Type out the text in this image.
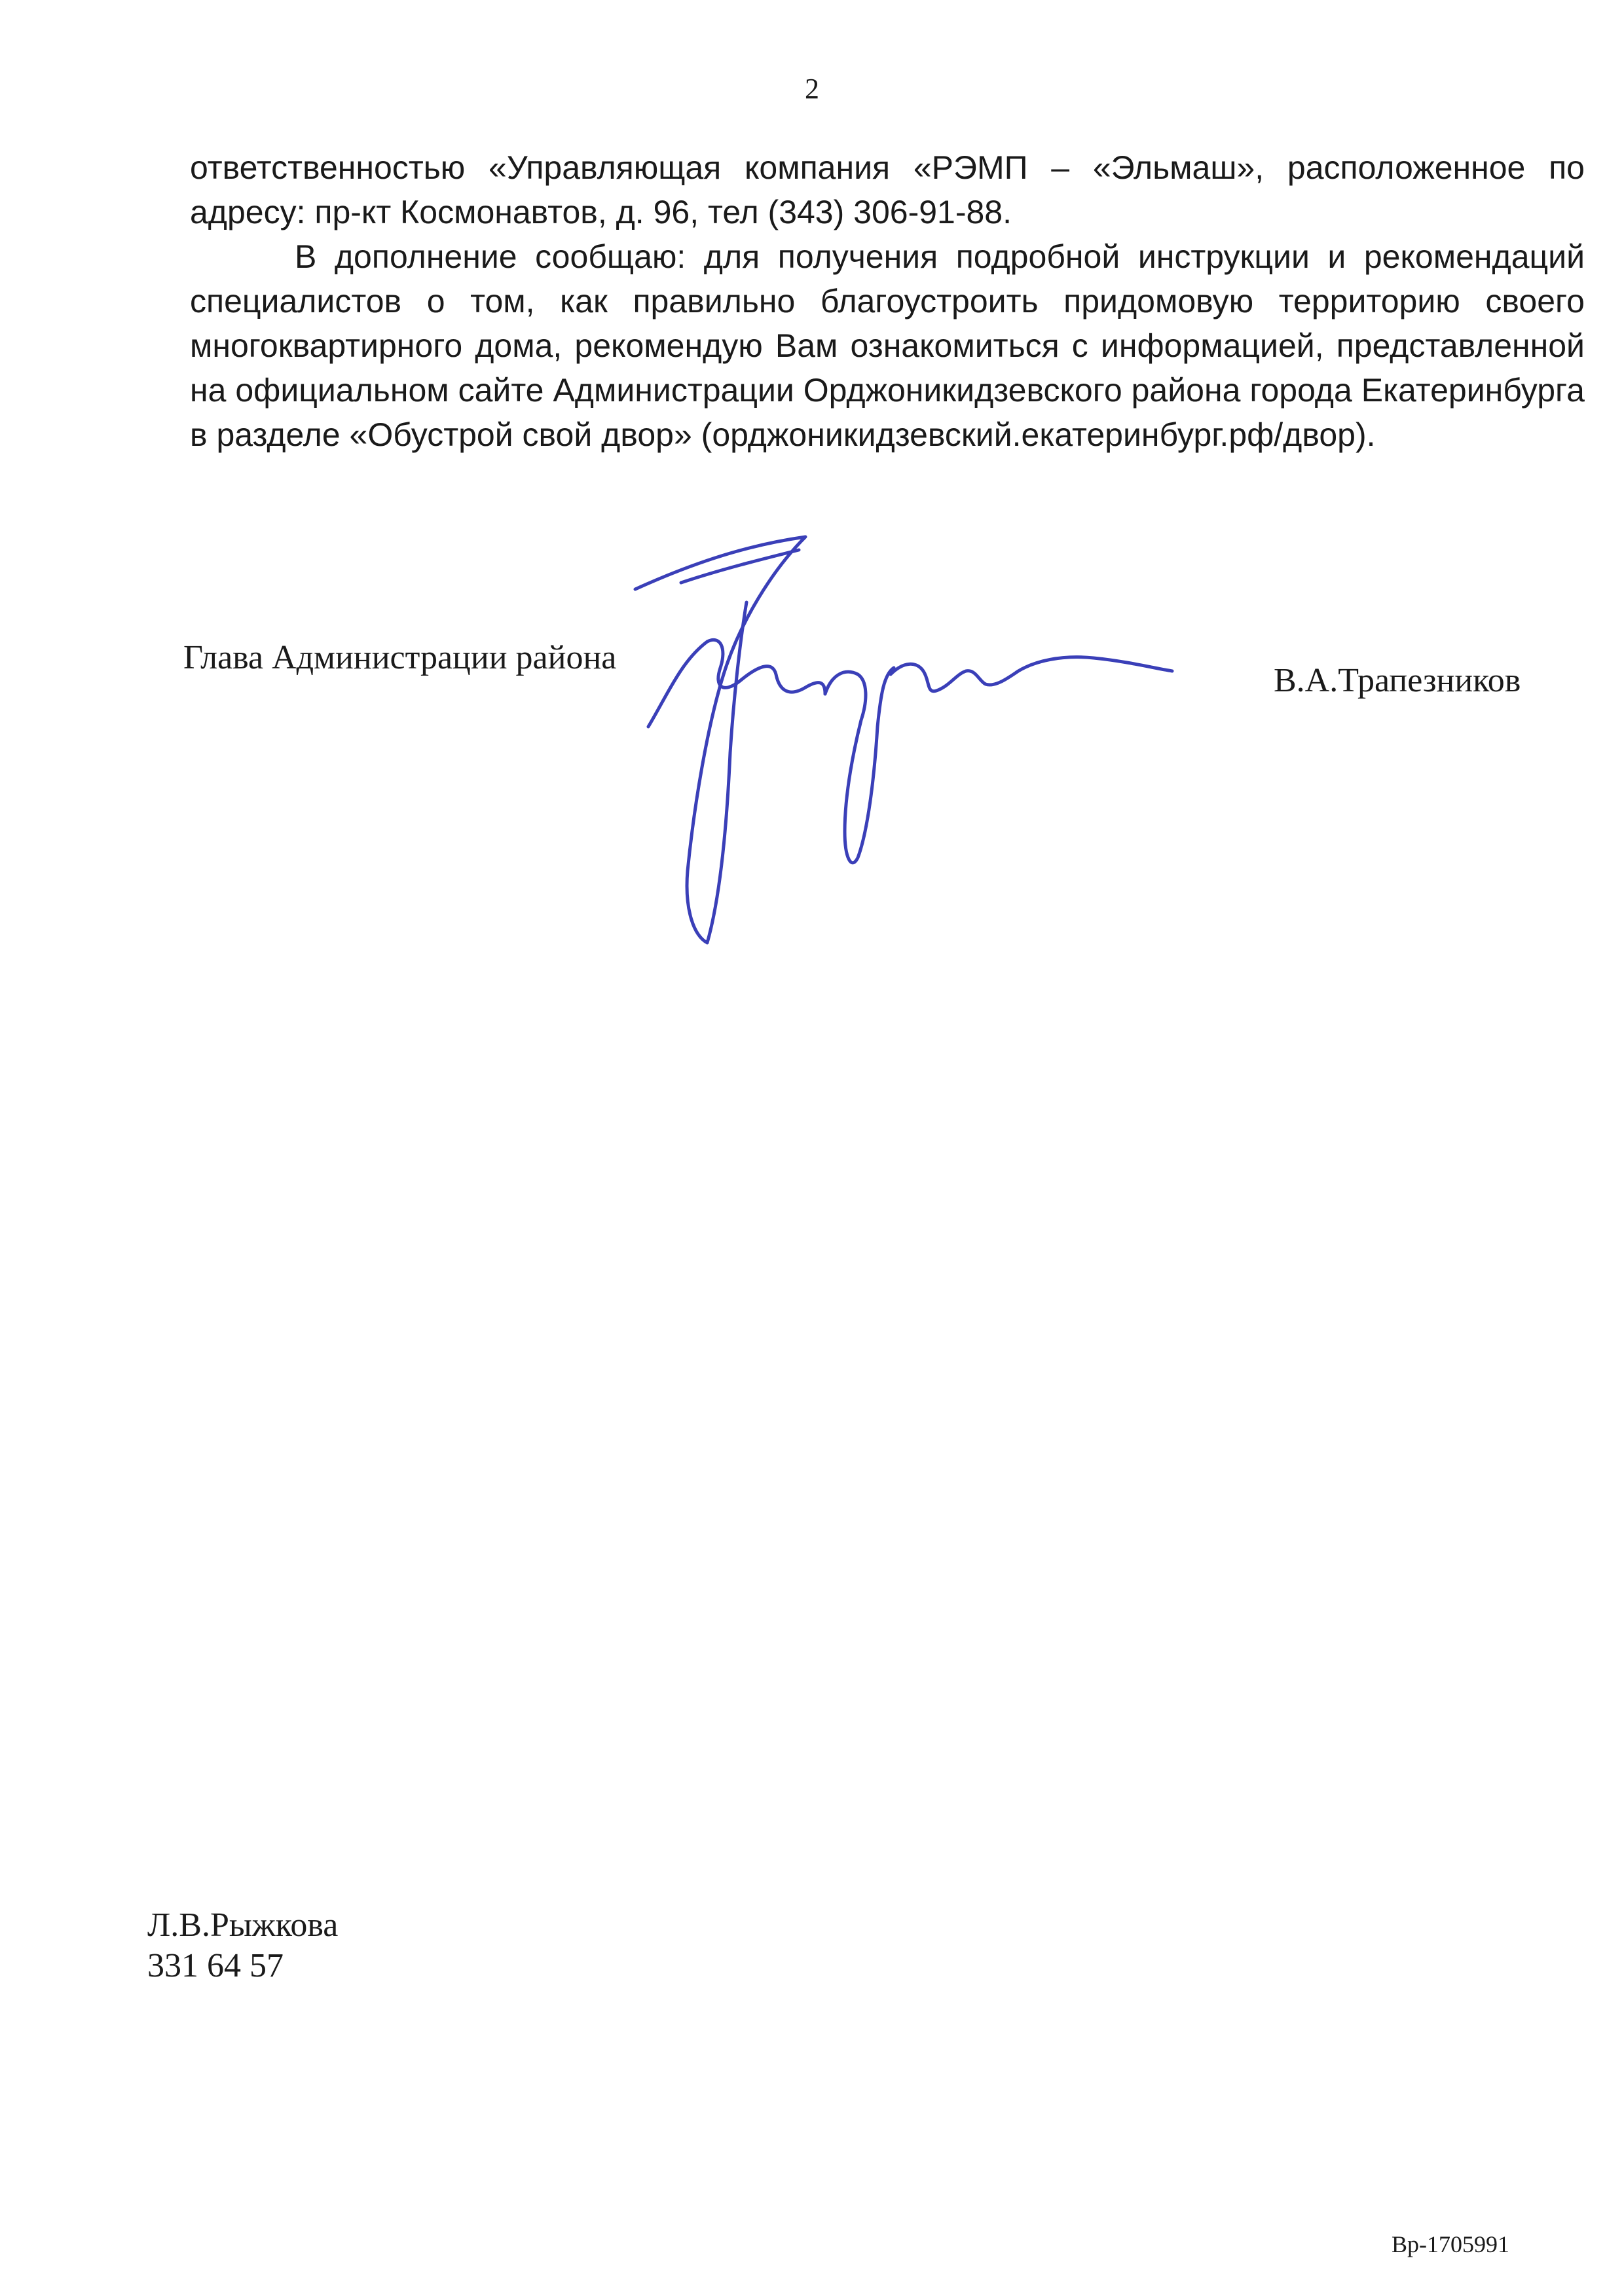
2

ответственностью «Управляющая компания «РЭМП – «Эльмаш», расположенное по адресу: пр-кт Космонавтов, д. 96, тел (343) 306-91-88.

В дополнение сообщаю: для получения подробной инструкции и рекомендаций специалистов о том, как правильно благоустроить придомовую территорию своего многоквартирного дома, рекомендую Вам ознакомиться с информацией, представленной на официальном сайте Администрации Орджоникидзевского района города Екатеринбурга в разделе «Обустрой свой двор» (орджоникидзевский.екатеринбург.рф/двор).

Глава Администрации района
В.А.Трапезников
Л.В.Рыжкова
331 64 57
Вр-1705991
